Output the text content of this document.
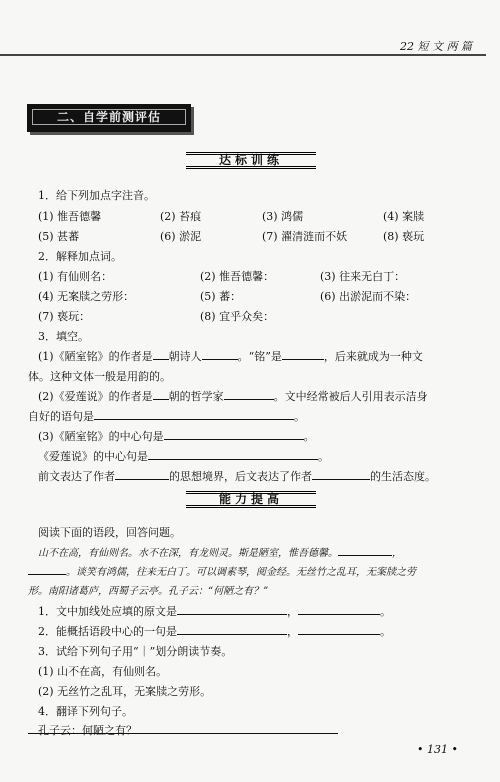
22 短 文 两 篇
二、自学前测评估
达标训练
1．给下列加点字注音。
(1) 惟吾德馨	(2) 苔痕	(3) 鸿儒	(4) 案牍
(5) 甚蕃	(6) 淤泥	(7) 濯清涟而不妖	(8) 亵玩
2．解释加点词。
(1) 有仙则名：	(2) 惟吾德馨：	(3) 往来无白丁：
(4) 无案牍之劳形：	(5) 蕃：	(6) 出淤泥而不染：
(7) 亵玩：	(8) 宜乎众矣：
3．填空。
(1)《陋室铭》的作者是 朝诗人	。“铭”是	，后来就成为一种文
体。这种文体一般是用韵的。
(2)《爱莲说》的作者是 朝的哲学家	。文中经常被后人引用表示洁身
自好的语句是	。
(3)《陋室铭》的中心句是	。
《爱莲说》的中心句是	。
前文表达了作者	的思想境界，后文表达了作者	的生活态度。
能力提高
阅读下面的语段，回答问题。
山不在高，有仙则名。水不在深，有龙则灵。斯是陋室，惟吾德馨。	，
。谈笑有鸿儒，往来无白丁。可以调素琴，阅金经。无丝竹之乱耳，无案牍之劳
形。南阳诸葛庐，西蜀子云亭。孔子云：“何陋之有？”
1．文中加线处应填的原文是	，	。
2．能概括语段中心的一句是	，	。
3．试给下列句子用“｜”划分朗读节奏。
(1) 山不在高，有仙则名。
(2) 无丝竹之乱耳，无案牍之劳形。
4．翻译下列句子。
孔子云：何陋之有？
• 131 •
